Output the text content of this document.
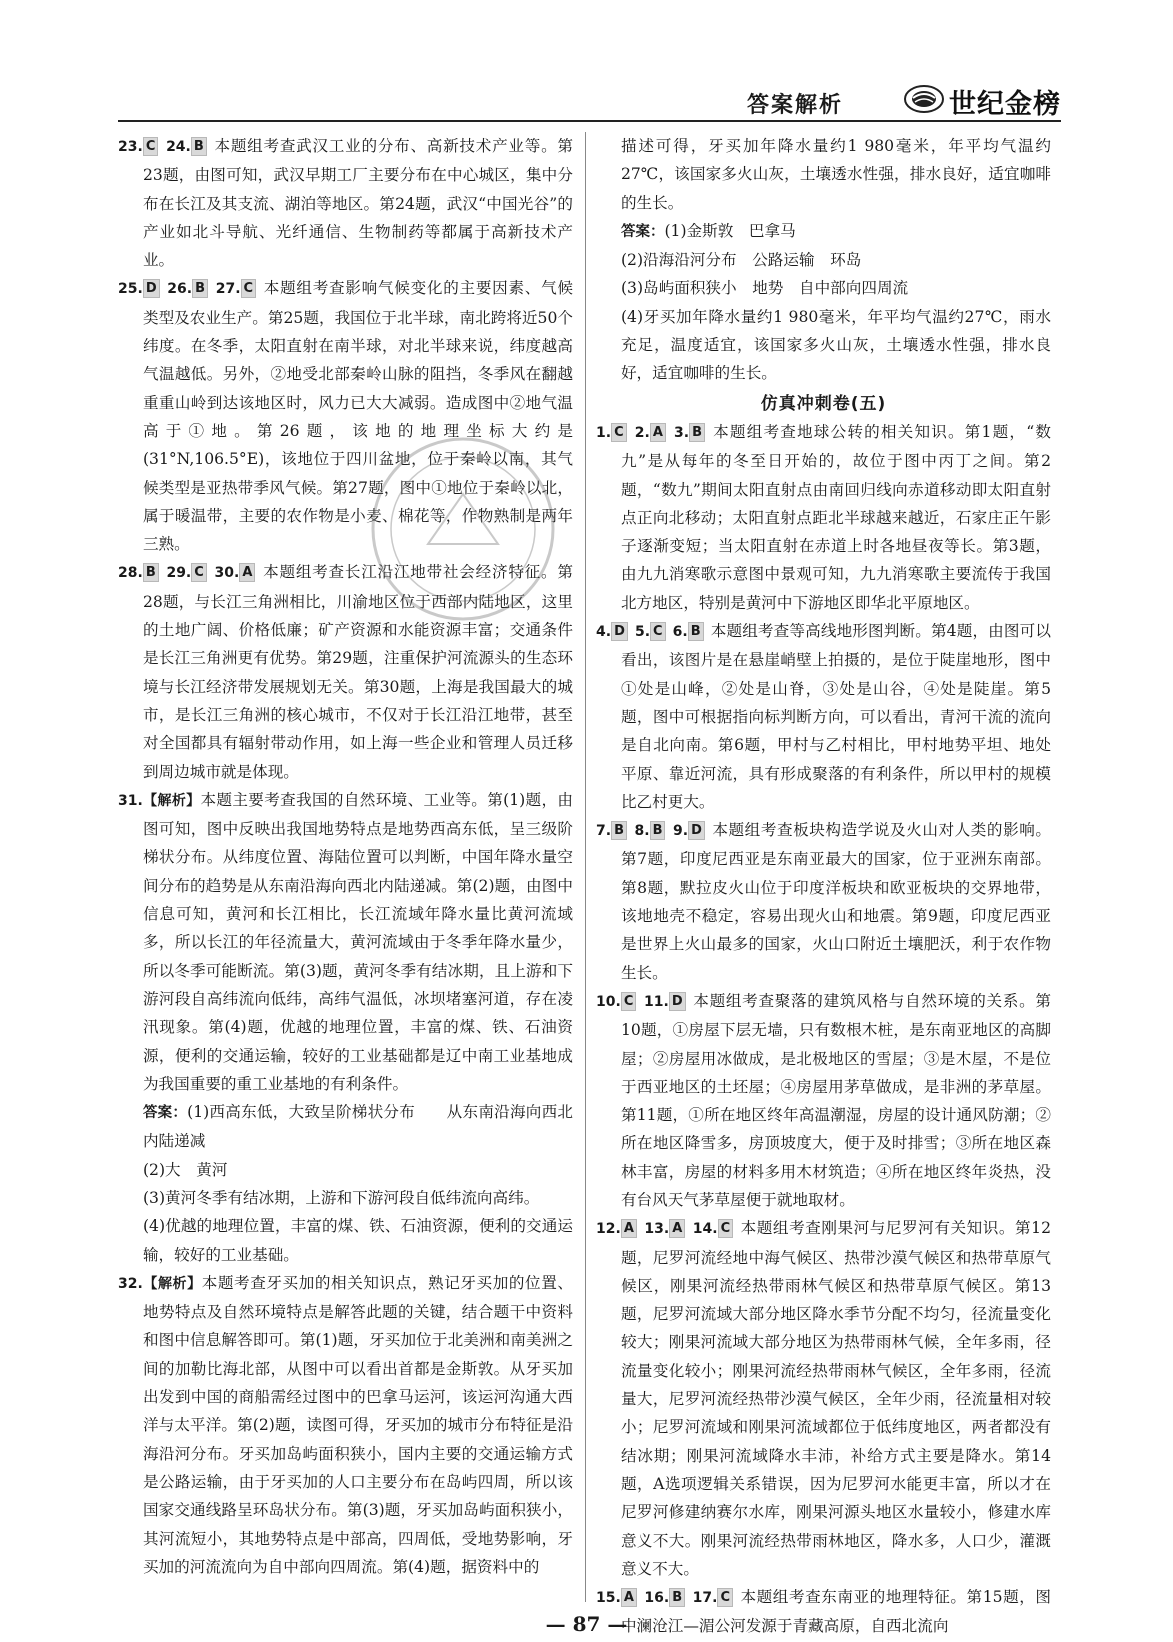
答案解析	世纪金榜

23. C 24. B 本题组考查武汉工业的分布、高新技术产业等。第23题，由图可知，武汉早期工厂主要分布在中心城区，集中分布在长江及其支流、湖泊等地区。第24题，武汉“中国光谷”的产业如北斗导航、光纤通信、生物制药等都属于高新技术产业。

25. D 26. B 27. C 本题组考查影响气候变化的主要因素、气候类型及农业生产。第25题，我国位于北半球，南北跨将近50个纬度。在冬季，太阳直射在南半球，对北半球来说，纬度越高气温越低。另外，②地受北部秦岭山脉的阻挡，冬季风在翻越重重山岭到达该地区时，风力已大大减弱。造成图中②地气温高于①地。第26题，该地的地理坐标大约是(31°N,106.5°E)，该地位于四川盆地，位于秦岭以南，其气候类型是亚热带季风气候。第27题，图中①地位于秦岭以北，属于暖温带，主要的农作物是小麦、棉花等，作物熟制是两年三熟。

28. B 29. C 30. A 本题组考查长江沿江地带社会经济特征。第28题，与长江三角洲相比，川渝地区位于西部内陆地区，这里的土地广阔、价格低廉；矿产资源和水能资源丰富；交通条件是长江三角洲更有优势。第29题，注重保护河流源头的生态环境与长江经济带发展规划无关。第30题，上海是我国最大的城市，是长江三角洲的核心城市，不仅对于长江沿江地带，甚至对全国都具有辐射带动作用，如上海一些企业和管理人员迁移到周边城市就是体现。

31.【解析】本题主要考查我国的自然环境、工业等。第(1)题，由图可知，图中反映出我国地势特点是地势西高东低，呈三级阶梯状分布。从纬度位置、海陆位置可以判断，中国年降水量空间分布的趋势是从东南沿海向西北内陆递减。第(2)题，由图中信息可知，黄河和长江相比，长江流域年降水量比黄河流域多，所以长江的年径流量大，黄河流域由于冬季年降水量少，所以冬季可能断流。第(3)题，黄河冬季有结冰期，且上游和下游河段自高纬流向低纬，高纬气温低，冰坝堵塞河道，存在凌汛现象。第(4)题，优越的地理位置，丰富的煤、铁、石油资源，便利的交通运输，较好的工业基础都是辽中南工业基地成为我国重要的重工业基地的有利条件。

答案：(1)西高东低，大致呈阶梯状分布　　从东南沿海向西北内陆递减

(2)大　黄河

(3)黄河冬季有结冰期，上游和下游河段自低纬流向高纬。

(4)优越的地理位置，丰富的煤、铁、石油资源，便利的交通运输，较好的工业基础。

32.【解析】本题考查牙买加的相关知识点，熟记牙买加的位置、地势特点及自然环境特点是解答此题的关键，结合题干中资料和图中信息解答即可。第(1)题，牙买加位于北美洲和南美洲之间的加勒比海北部，从图中可以看出首都是金斯敦。从牙买加出发到中国的商船需经过图中的巴拿马运河，该运河沟通大西洋与太平洋。第(2)题，读图可得，牙买加的城市分布特征是沿海沿河分布。牙买加岛屿面积狭小，国内主要的交通运输方式是公路运输，由于牙买加的人口主要分布在岛屿四周，所以该国家交通线路呈环岛状分布。第(3)题，牙买加岛屿面积狭小，其河流短小，其地势特点是中部高，四周低，受地势影响，牙买加的河流流向为自中部向四周流。第(4)题，据资料中的

描述可得，牙买加年降水量约1 980毫米，年平均气温约27℃，该国家多火山灰，土壤透水性强，排水良好，适宜咖啡的生长。

答案：(1)金斯敦　巴拿马

(2)沿海沿河分布　公路运输　环岛

(3)岛屿面积狭小　地势　自中部向四周流

(4)牙买加年降水量约1 980毫米，年平均气温约27℃，雨水充足，温度适宜，该国家多火山灰，土壤透水性强，排水良好，适宜咖啡的生长。

仿真冲刺卷(五)

1. C 2. A 3. B 本题组考查地球公转的相关知识。第1题，“数九”是从每年的冬至日开始的，故位于图中丙丁之间。第2题，“数九”期间太阳直射点由南回归线向赤道移动即太阳直射点正向北移动；太阳直射点距北半球越来越近，石家庄正午影子逐渐变短；当太阳直射在赤道上时各地昼夜等长。第3题，由九九消寒歌示意图中景观可知，九九消寒歌主要流传于我国北方地区，特别是黄河中下游地区即华北平原地区。

4. D 5. C 6. B 本题组考查等高线地形图判断。第4题，由图可以看出，该图片是在悬崖峭壁上拍摄的，是位于陡崖地形，图中①处是山峰，②处是山脊，③处是山谷，④处是陡崖。第5题，图中可根据指向标判断方向，可以看出，青河干流的流向是自北向南。第6题，甲村与乙村相比，甲村地势平坦、地处平原、靠近河流，具有形成聚落的有利条件，所以甲村的规模比乙村更大。

7. B 8. B 9. D 本题组考查板块构造学说及火山对人类的影响。第7题，印度尼西亚是东南亚最大的国家，位于亚洲东南部。第8题，默拉皮火山位于印度洋板块和欧亚板块的交界地带，该地地壳不稳定，容易出现火山和地震。第9题，印度尼西亚是世界上火山最多的国家，火山口附近土壤肥沃，利于农作物生长。

10. C 11. D 本题组考查聚落的建筑风格与自然环境的关系。第10题，①房屋下层无墙，只有数根木桩，是东南亚地区的高脚屋；②房屋用冰做成，是北极地区的雪屋；③是木屋，不是位于西亚地区的土坯屋；④房屋用茅草做成，是非洲的茅草屋。第11题，①所在地区终年高温潮湿，房屋的设计通风防潮；②所在地区降雪多，房顶坡度大，便于及时排雪；③所在地区森林丰富，房屋的材料多用木材筑造；④所在地区终年炎热，没有台风天气茅草屋便于就地取材。

12. A 13. A 14. C 本题组考查刚果河与尼罗河有关知识。第12题，尼罗河流经地中海气候区、热带沙漠气候区和热带草原气候区，刚果河流经热带雨林气候区和热带草原气候区。第13题，尼罗河流域大部分地区降水季节分配不均匀，径流量变化较大；刚果河流域大部分地区为热带雨林气候，全年多雨，径流量变化较小；刚果河流经热带雨林气候区，全年多雨，径流量大，尼罗河流经热带沙漠气候区，全年少雨，径流量相对较小；尼罗河流域和刚果河流域都位于低纬度地区，两者都没有结冰期；刚果河流域降水丰沛，补给方式主要是降水。第14题，A选项逻辑关系错误，因为尼罗河水能更丰富，所以才在尼罗河修建纳赛尔水库，刚果河源头地区水量较小，修建水库意义不大。刚果河流经热带雨林地区，降水多，人口少，灌溉意义不大。

15. A 16. B 17. C 本题组考查东南亚的地理特征。第15题，图中澜沧江—湄公河发源于青藏高原，自西北流向

— 87 —
